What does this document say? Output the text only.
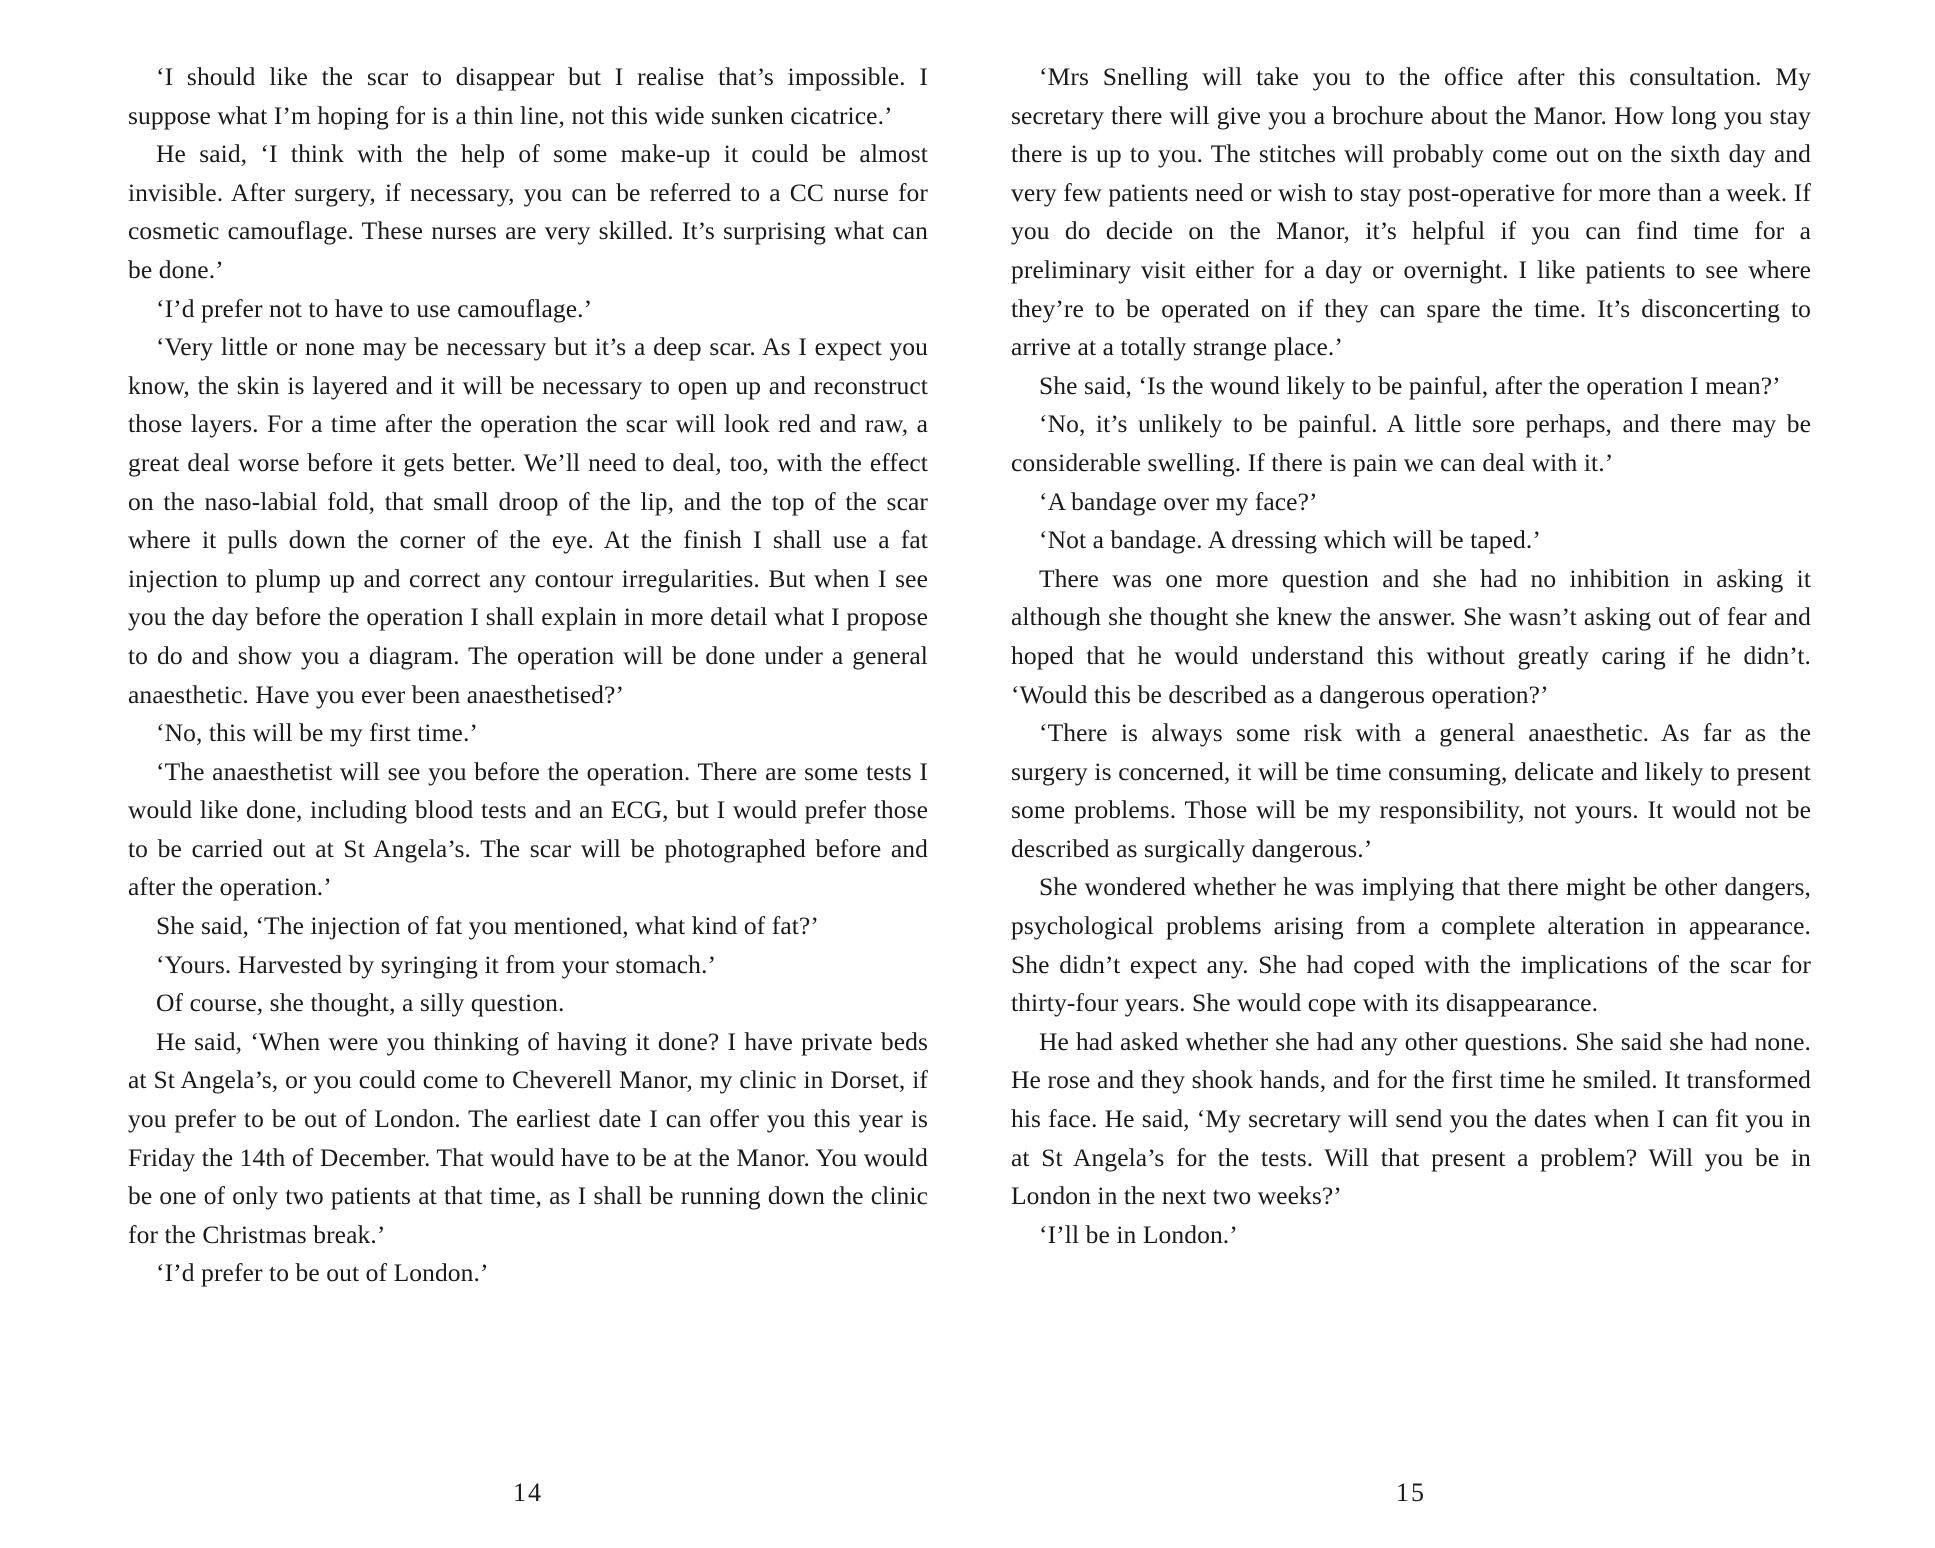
‘I should like the scar to disappear but I realise that’s impossible. I suppose what I’m hoping for is a thin line, not this wide sunken cicatrice.’

He said, ‘I think with the help of some make-up it could be almost invisible. After surgery, if necessary, you can be referred to a CC nurse for cosmetic camouflage. These nurses are very skilled. It’s surprising what can be done.’

‘I’d prefer not to have to use camouflage.’

‘Very little or none may be necessary but it’s a deep scar. As I expect you know, the skin is layered and it will be necessary to open up and reconstruct those layers. For a time after the operation the scar will look red and raw, a great deal worse before it gets better. We’ll need to deal, too, with the effect on the naso-labial fold, that small droop of the lip, and the top of the scar where it pulls down the corner of the eye. At the finish I shall use a fat injection to plump up and correct any contour irregularities. But when I see you the day before the operation I shall explain in more detail what I propose to do and show you a diagram. The operation will be done under a general anaesthetic. Have you ever been anaesthetised?’

‘No, this will be my first time.’

‘The anaesthetist will see you before the operation. There are some tests I would like done, including blood tests and an ECG, but I would prefer those to be carried out at St Angela’s. The scar will be photographed before and after the operation.’

She said, ‘The injection of fat you mentioned, what kind of fat?’

‘Yours. Harvested by syringing it from your stomach.’

Of course, she thought, a silly question.

He said, ‘When were you thinking of having it done? I have private beds at St Angela’s, or you could come to Cheverell Manor, my clinic in Dorset, if you prefer to be out of London. The earliest date I can offer you this year is Friday the 14th of December. That would have to be at the Manor. You would be one of only two patients at that time, as I shall be running down the clinic for the Christmas break.’

‘I’d prefer to be out of London.’

14

‘Mrs Snelling will take you to the office after this consultation. My secretary there will give you a brochure about the Manor. How long you stay there is up to you. The stitches will probably come out on the sixth day and very few patients need or wish to stay post-operative for more than a week. If you do decide on the Manor, it’s helpful if you can find time for a preliminary visit either for a day or overnight. I like patients to see where they’re to be operated on if they can spare the time. It’s disconcerting to arrive at a totally strange place.’

She said, ‘Is the wound likely to be painful, after the operation I mean?’

‘No, it’s unlikely to be painful. A little sore perhaps, and there may be considerable swelling. If there is pain we can deal with it.’

‘A bandage over my face?’

‘Not a bandage. A dressing which will be taped.’

There was one more question and she had no inhibition in asking it although she thought she knew the answer. She wasn’t asking out of fear and hoped that he would understand this without greatly caring if he didn’t. ‘Would this be described as a dangerous operation?’

‘There is always some risk with a general anaesthetic. As far as the surgery is concerned, it will be time consuming, delicate and likely to present some problems. Those will be my responsibility, not yours. It would not be described as surgically dangerous.’

She wondered whether he was implying that there might be other dangers, psychological problems arising from a complete alteration in appearance. She didn’t expect any. She had coped with the implications of the scar for thirty-four years. She would cope with its disappearance.

He had asked whether she had any other questions. She said she had none. He rose and they shook hands, and for the first time he smiled. It transformed his face. He said, ‘My secretary will send you the dates when I can fit you in at St Angela’s for the tests. Will that present a problem? Will you be in London in the next two weeks?’

‘I’ll be in London.’

15
